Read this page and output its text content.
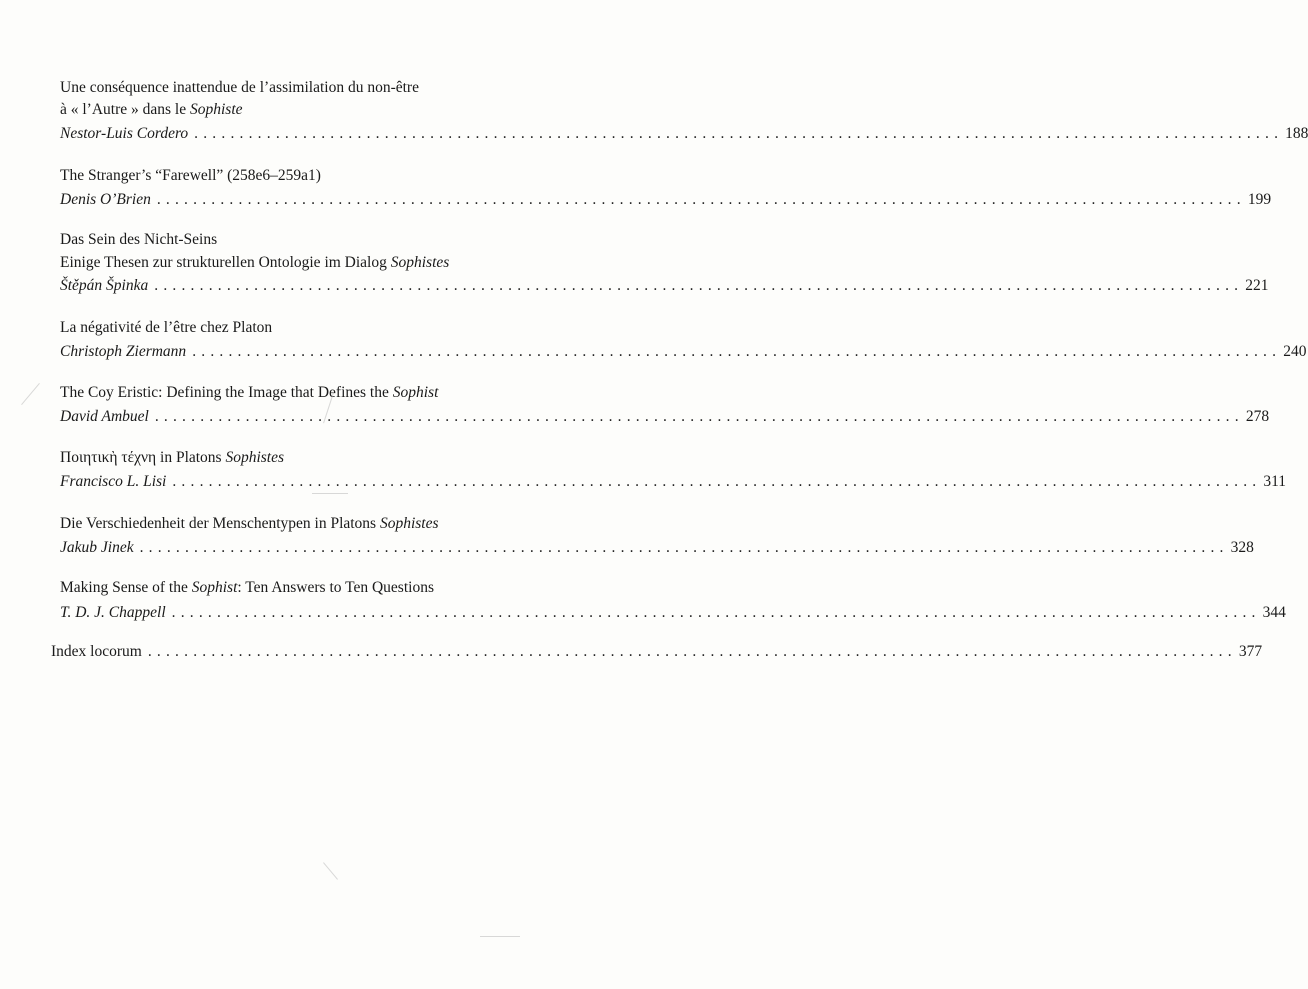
Une conséquence inattendue de l’assimilation du non-être
à « l’Autre » dans le Sophiste
Nestor-Luis Cordero ........................................................................................................................ 188
The Stranger’s “Farewell” (258e6–259a1)
Denis O’Brien ........................................................................................................................ 199
Das Sein des Nicht-Seins
Einige Thesen zur strukturellen Ontologie im Dialog Sophistes
Štěpán Špinka ........................................................................................................................ 221
La négativité de l’être chez Platon
Christoph Ziermann ........................................................................................................................ 240
The Coy Eristic: Defining the Image that Defines the Sophist
David Ambuel ........................................................................................................................ 278
Ποιητικὴ τέχνη in Platons Sophistes
Francisco L. Lisi ........................................................................................................................ 311
Die Verschiedenheit der Menschentypen in Platons Sophistes
Jakub Jinek ........................................................................................................................ 328
Making Sense of the Sophist: Ten Answers to Ten Questions
T. D. J. Chappell ........................................................................................................................ 344
Index locorum ........................................................................................................................ 377
